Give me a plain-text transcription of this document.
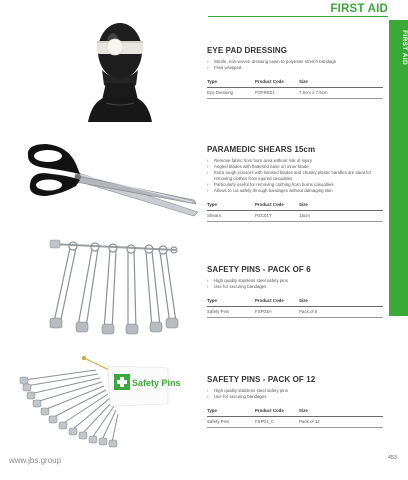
FIRST AID
FIRST AID
EYE PAD DRESSING
› Sterile, non-woven dressing sewn to polyester stretch bandage
› Flow wrapped
Type	Product Code	Size
Eye Dressing	FOFRE01	7.5cm x 7.5cm
PARAMEDIC SHEARS 15cm
› Remove fabric from burn area without risk of injury
› Angled blades with flattened base on inner blade
› Extra tough scissors with lionised blades and chunky plastic handles are ideal for removing clothes from injured casualties
› Particularly useful for removing clothing from burns casualties
› Allows to cut safely through bandages without damaging skin
Type	Product Code	Size
Shears	PSC01T	15cm
SAFETY PINS - PACK OF 6
› High quality stainless steel safety pins
› Use for securing bandages
Type	Product Code	Size
Safety Pins	FSP01H	Pack of 6
Safety Pins	SAFETY PINS - PACK OF 12
› High quality stainless steel safety pins
› Use for securing bandages
Type	Product Code	Size
Safety Pins	FSP01_C	Pack of 12
www.jbs.group	453
